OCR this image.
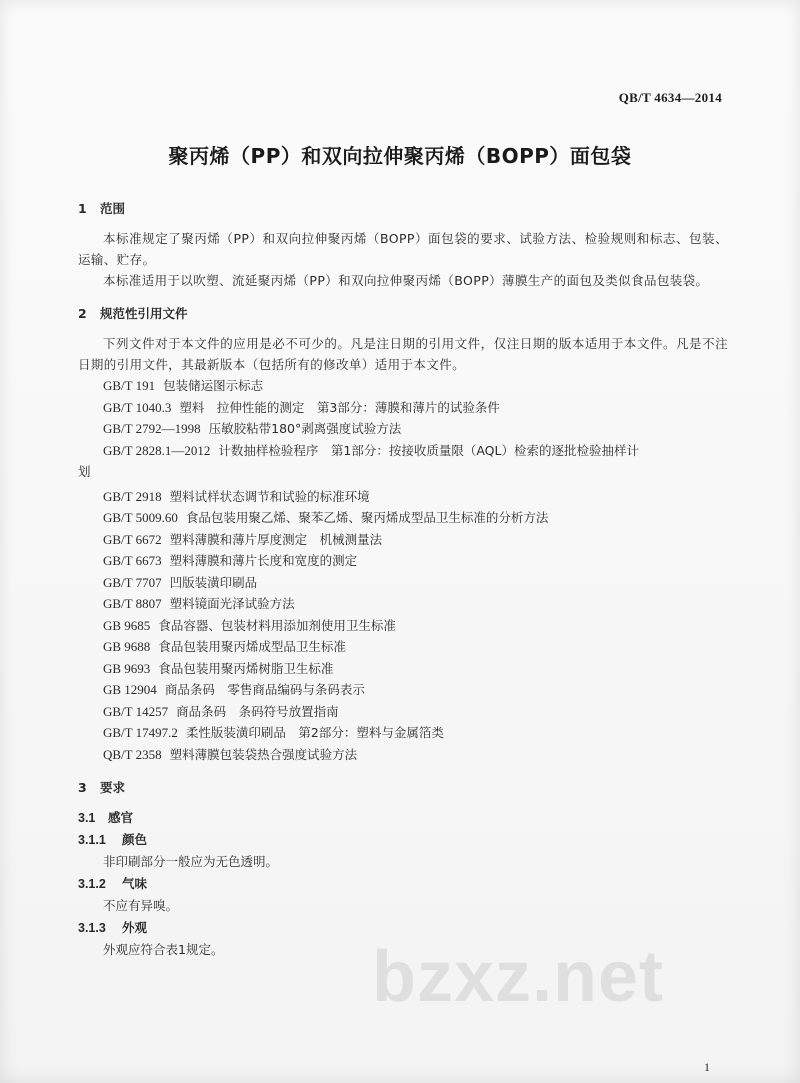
QB/T 4634—2014
聚丙烯（PP）和双向拉伸聚丙烯（BOPP）面包袋
1 范围

本标准规定了聚丙烯（PP）和双向拉伸聚丙烯（BOPP）面包袋的要求、试验方法、检验规则和标志、包装、运输、贮存。

本标准适用于以吹塑、流延聚丙烯（PP）和双向拉伸聚丙烯（BOPP）薄膜生产的面包及类似食品包装袋。

2 规范性引用文件

下列文件对于本文件的应用是必不可少的。凡是注日期的引用文件，仅注日期的版本适用于本文件。凡是不注日期的引用文件，其最新版本（包括所有的修改单）适用于本文件。

GB/T 191 包装储运图示标志
GB/T 1040.3 塑料　拉伸性能的测定　第3部分：薄膜和薄片的试验条件
GB/T 2792—1998 压敏胶粘带180°剥离强度试验方法
GB/T 2828.1—2012 计数抽样检验程序　第1部分：按接收质量限（AQL）检索的逐批检验抽样计
划
GB/T 2918 塑料试样状态调节和试验的标准环境
GB/T 5009.60 食品包装用聚乙烯、聚苯乙烯、聚丙烯成型品卫生标准的分析方法
GB/T 6672 塑料薄膜和薄片厚度测定　机械测量法
GB/T 6673 塑料薄膜和薄片长度和宽度的测定
GB/T 7707 凹版装潢印刷品
GB/T 8807 塑料镜面光泽试验方法
GB 9685 食品容器、包装材料用添加剂使用卫生标准
GB 9688 食品包装用聚丙烯成型品卫生标准
GB 9693 食品包装用聚丙烯树脂卫生标准
GB 12904 商品条码　零售商品编码与条码表示
GB/T 14257 商品条码　条码符号放置指南
GB/T 17497.2 柔性版装潢印刷品　第2部分：塑料与金属箔类
QB/T 2358 塑料薄膜包装袋热合强度试验方法
3 要求
3.1 感官
3.1.1 颜色

非印刷部分一般应为无色透明。

3.1.2 气味

不应有异嗅。

3.1.3 外观

外观应符合表1规定。	bzxz.net
1
